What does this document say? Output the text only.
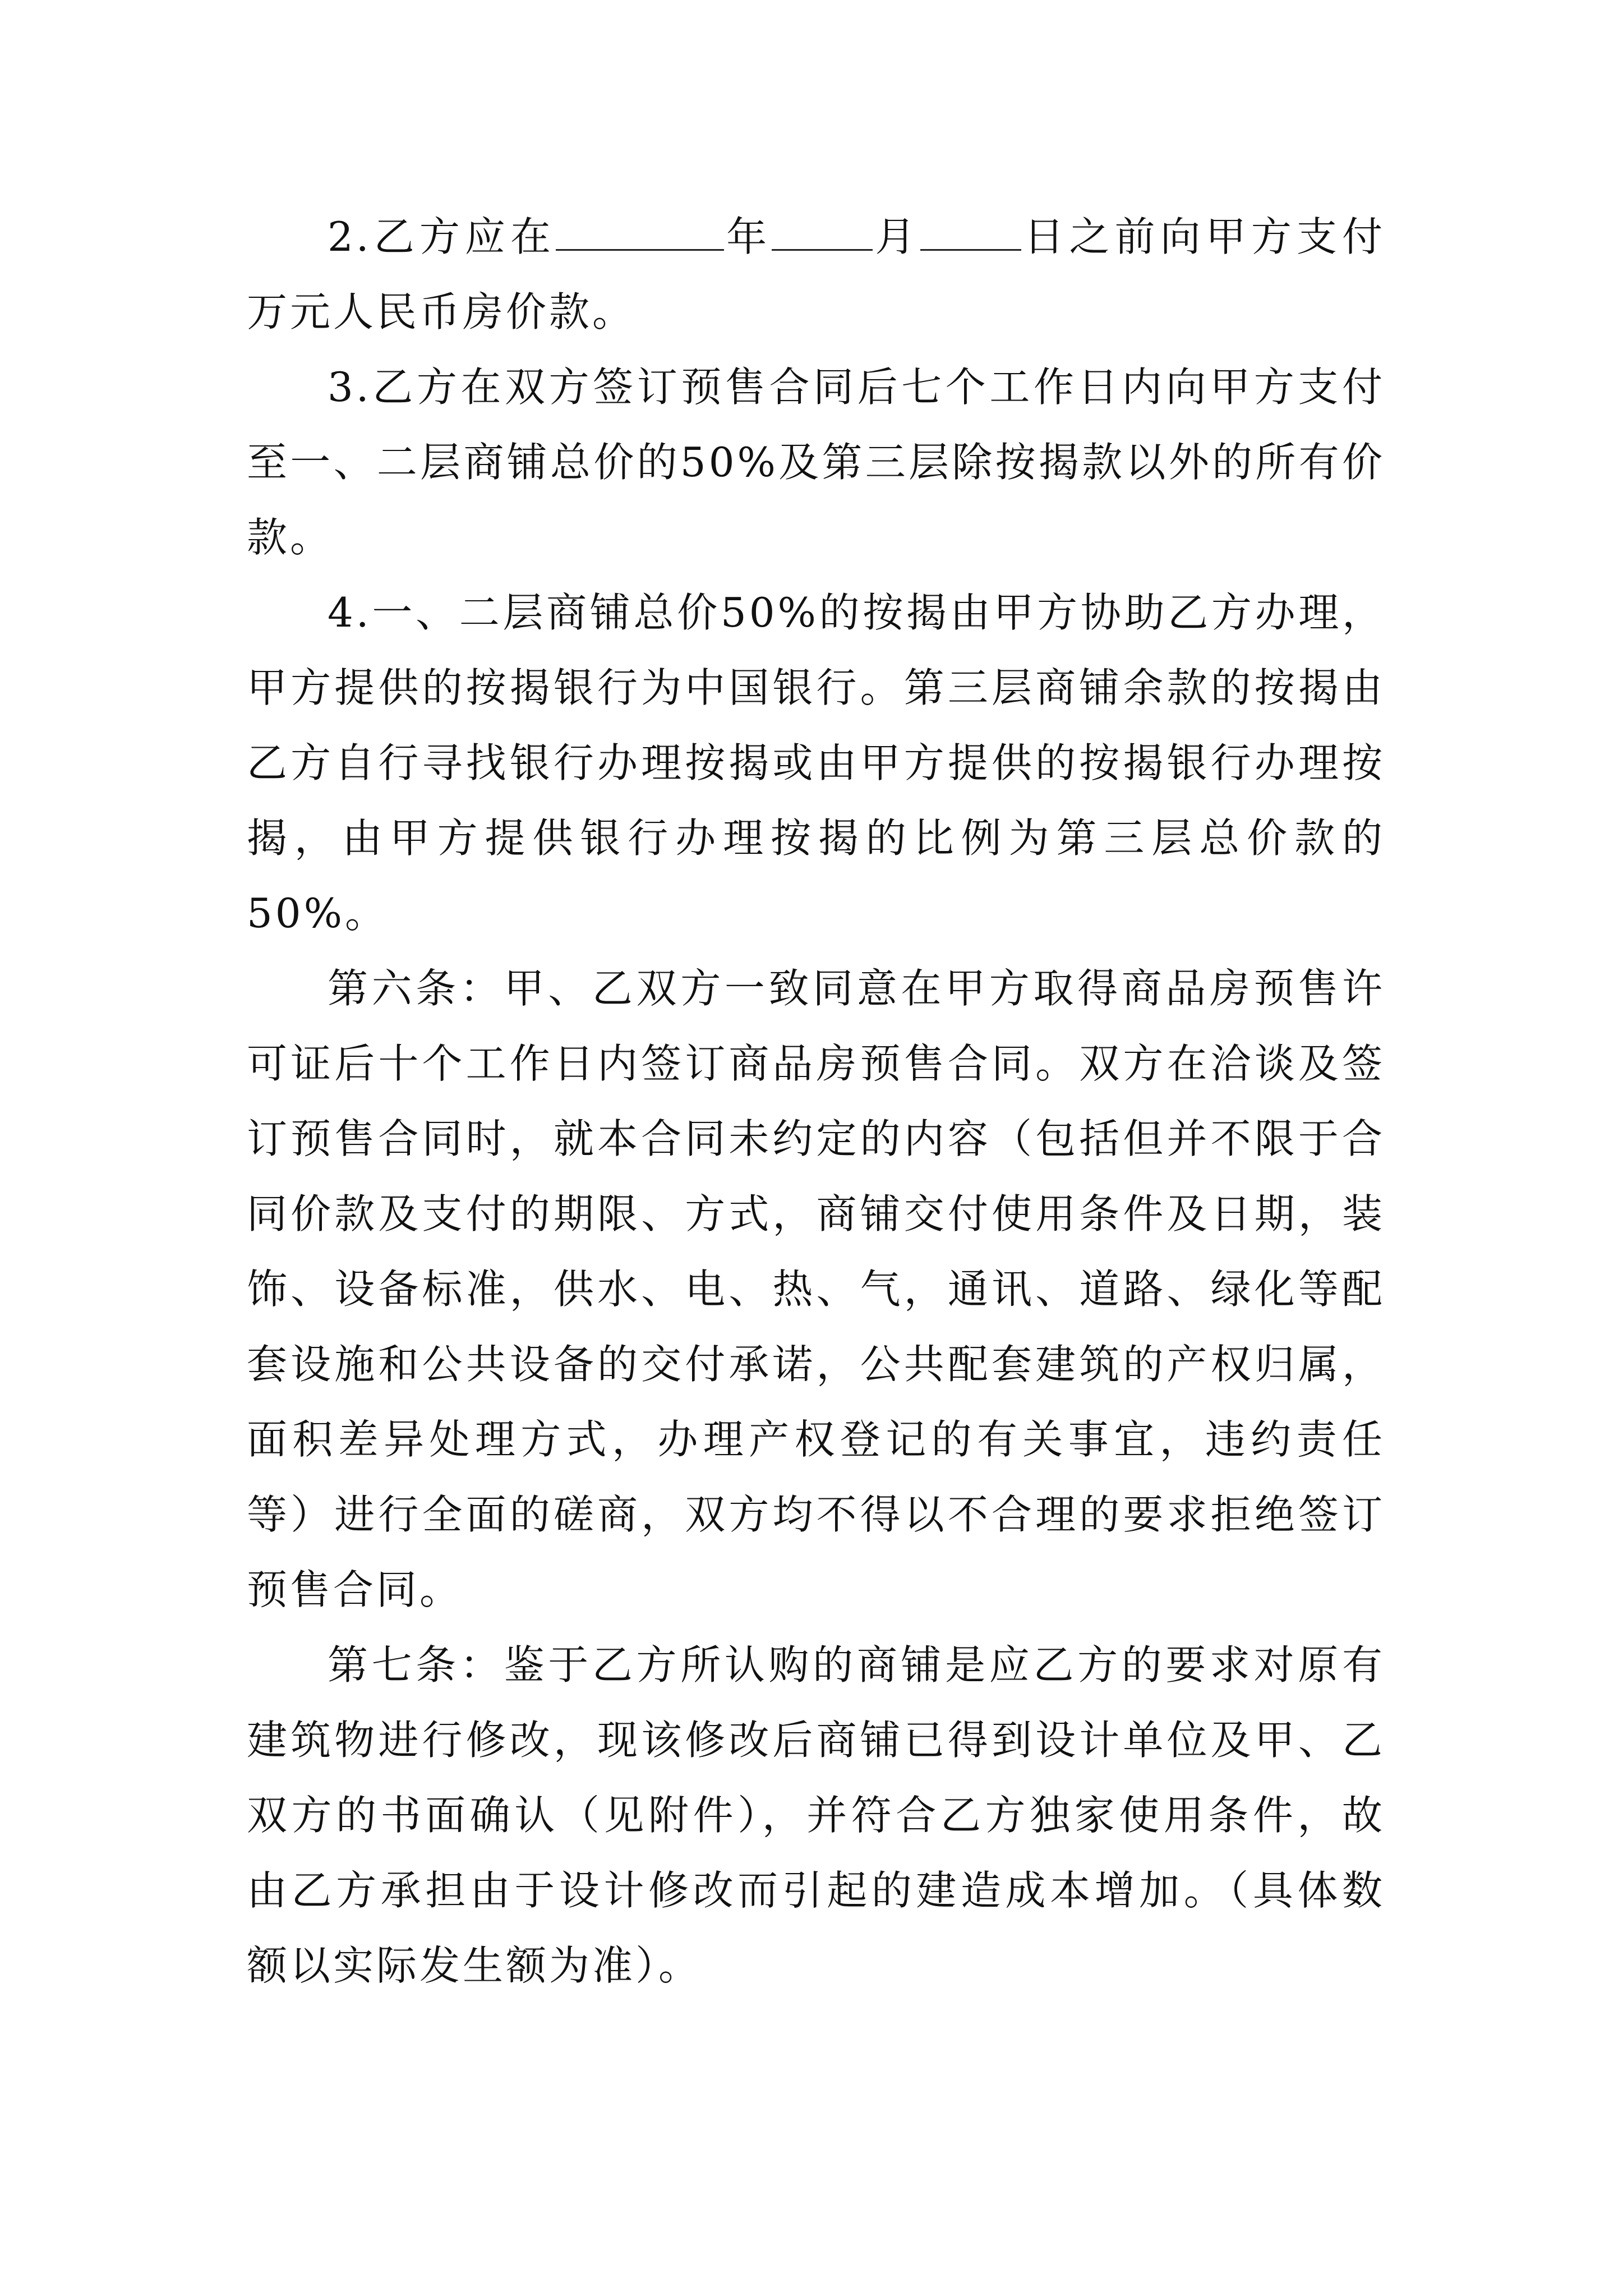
2.乙方应在	年	月	日之前向甲方支付万元人民币房价款。

3.乙方在双方签订预售合同后七个工作日内向甲方支付至一、二层商铺总价的50%及第三层除按揭款以外的所有价款。

4.一、二层商铺总价50%的按揭由甲方协助乙方办理，甲方提供的按揭银行为中国银行。第三层商铺余款的按揭由乙方自行寻找银行办理按揭或由甲方提供的按揭银行办理按揭，由甲方提供银行办理按揭的比例为第三层总价款的50%。

第六条：甲、乙双方一致同意在甲方取得商品房预售许可证后十个工作日内签订商品房预售合同。双方在洽谈及签订预售合同时，就本合同未约定的内容（包括但并不限于合同价款及支付的期限、方式，商铺交付使用条件及日期，装饰、设备标准，供水、电、热、气，通讯、道路、绿化等配套设施和公共设备的交付承诺，公共配套建筑的产权归属，面积差异处理方式，办理产权登记的有关事宜，违约责任等）进行全面的磋商，双方均不得以不合理的要求拒绝签订预售合同。

第七条：鉴于乙方所认购的商铺是应乙方的要求对原有建筑物进行修改，现该修改后商铺已得到设计单位及甲、乙双方的书面确认（见附件），并符合乙方独家使用条件，故由乙方承担由于设计修改而引起的建造成本增加。（具体数额以实际发生额为准）。
